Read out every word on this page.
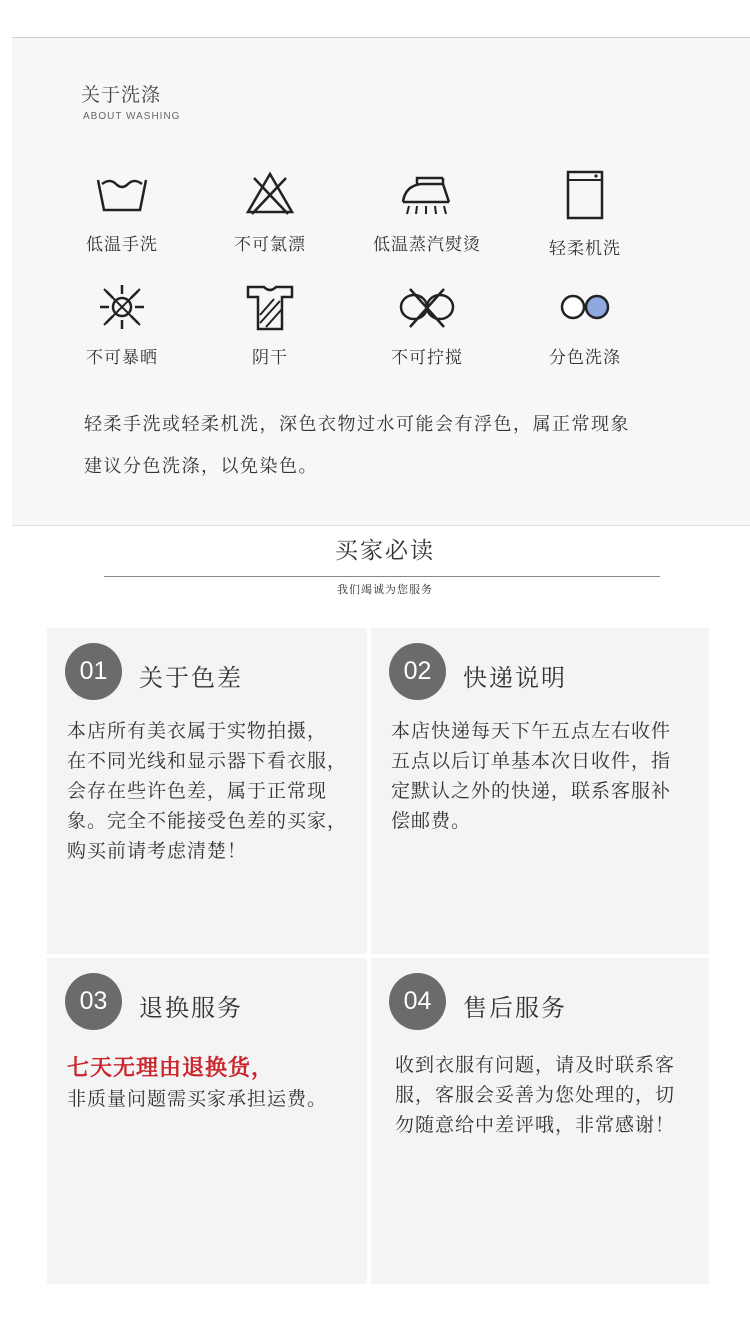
关于洗涤
ABOUT WASHING
低温手洗	不可氯漂	低温蒸汽熨烫	轻柔机洗
不可暴晒	阴干	不可拧搅	分色洗涤
轻柔手洗或轻柔机洗，深色衣物过水可能会有浮色，属正常现象
建议分色洗涤，以免染色。
买家必读
我们竭诚为您服务
01	关于色差

本店所有美衣属于实物拍摄，

在不同光线和显示器下看衣服，

会存在些许色差，属于正常现

象。完全不能接受色差的买家，

购买前请考虑清楚！

02	快递说明

本店快递每天下午五点左右收件

五点以后订单基本次日收件，指

定默认之外的快递，联系客服补

偿邮费。

03	退换服务

七天无理由退换货，

非质量问题需买家承担运费。

04	售后服务

收到衣服有问题，请及时联系客

服，客服会妥善为您处理的，切

勿随意给中差评哦，非常感谢！
